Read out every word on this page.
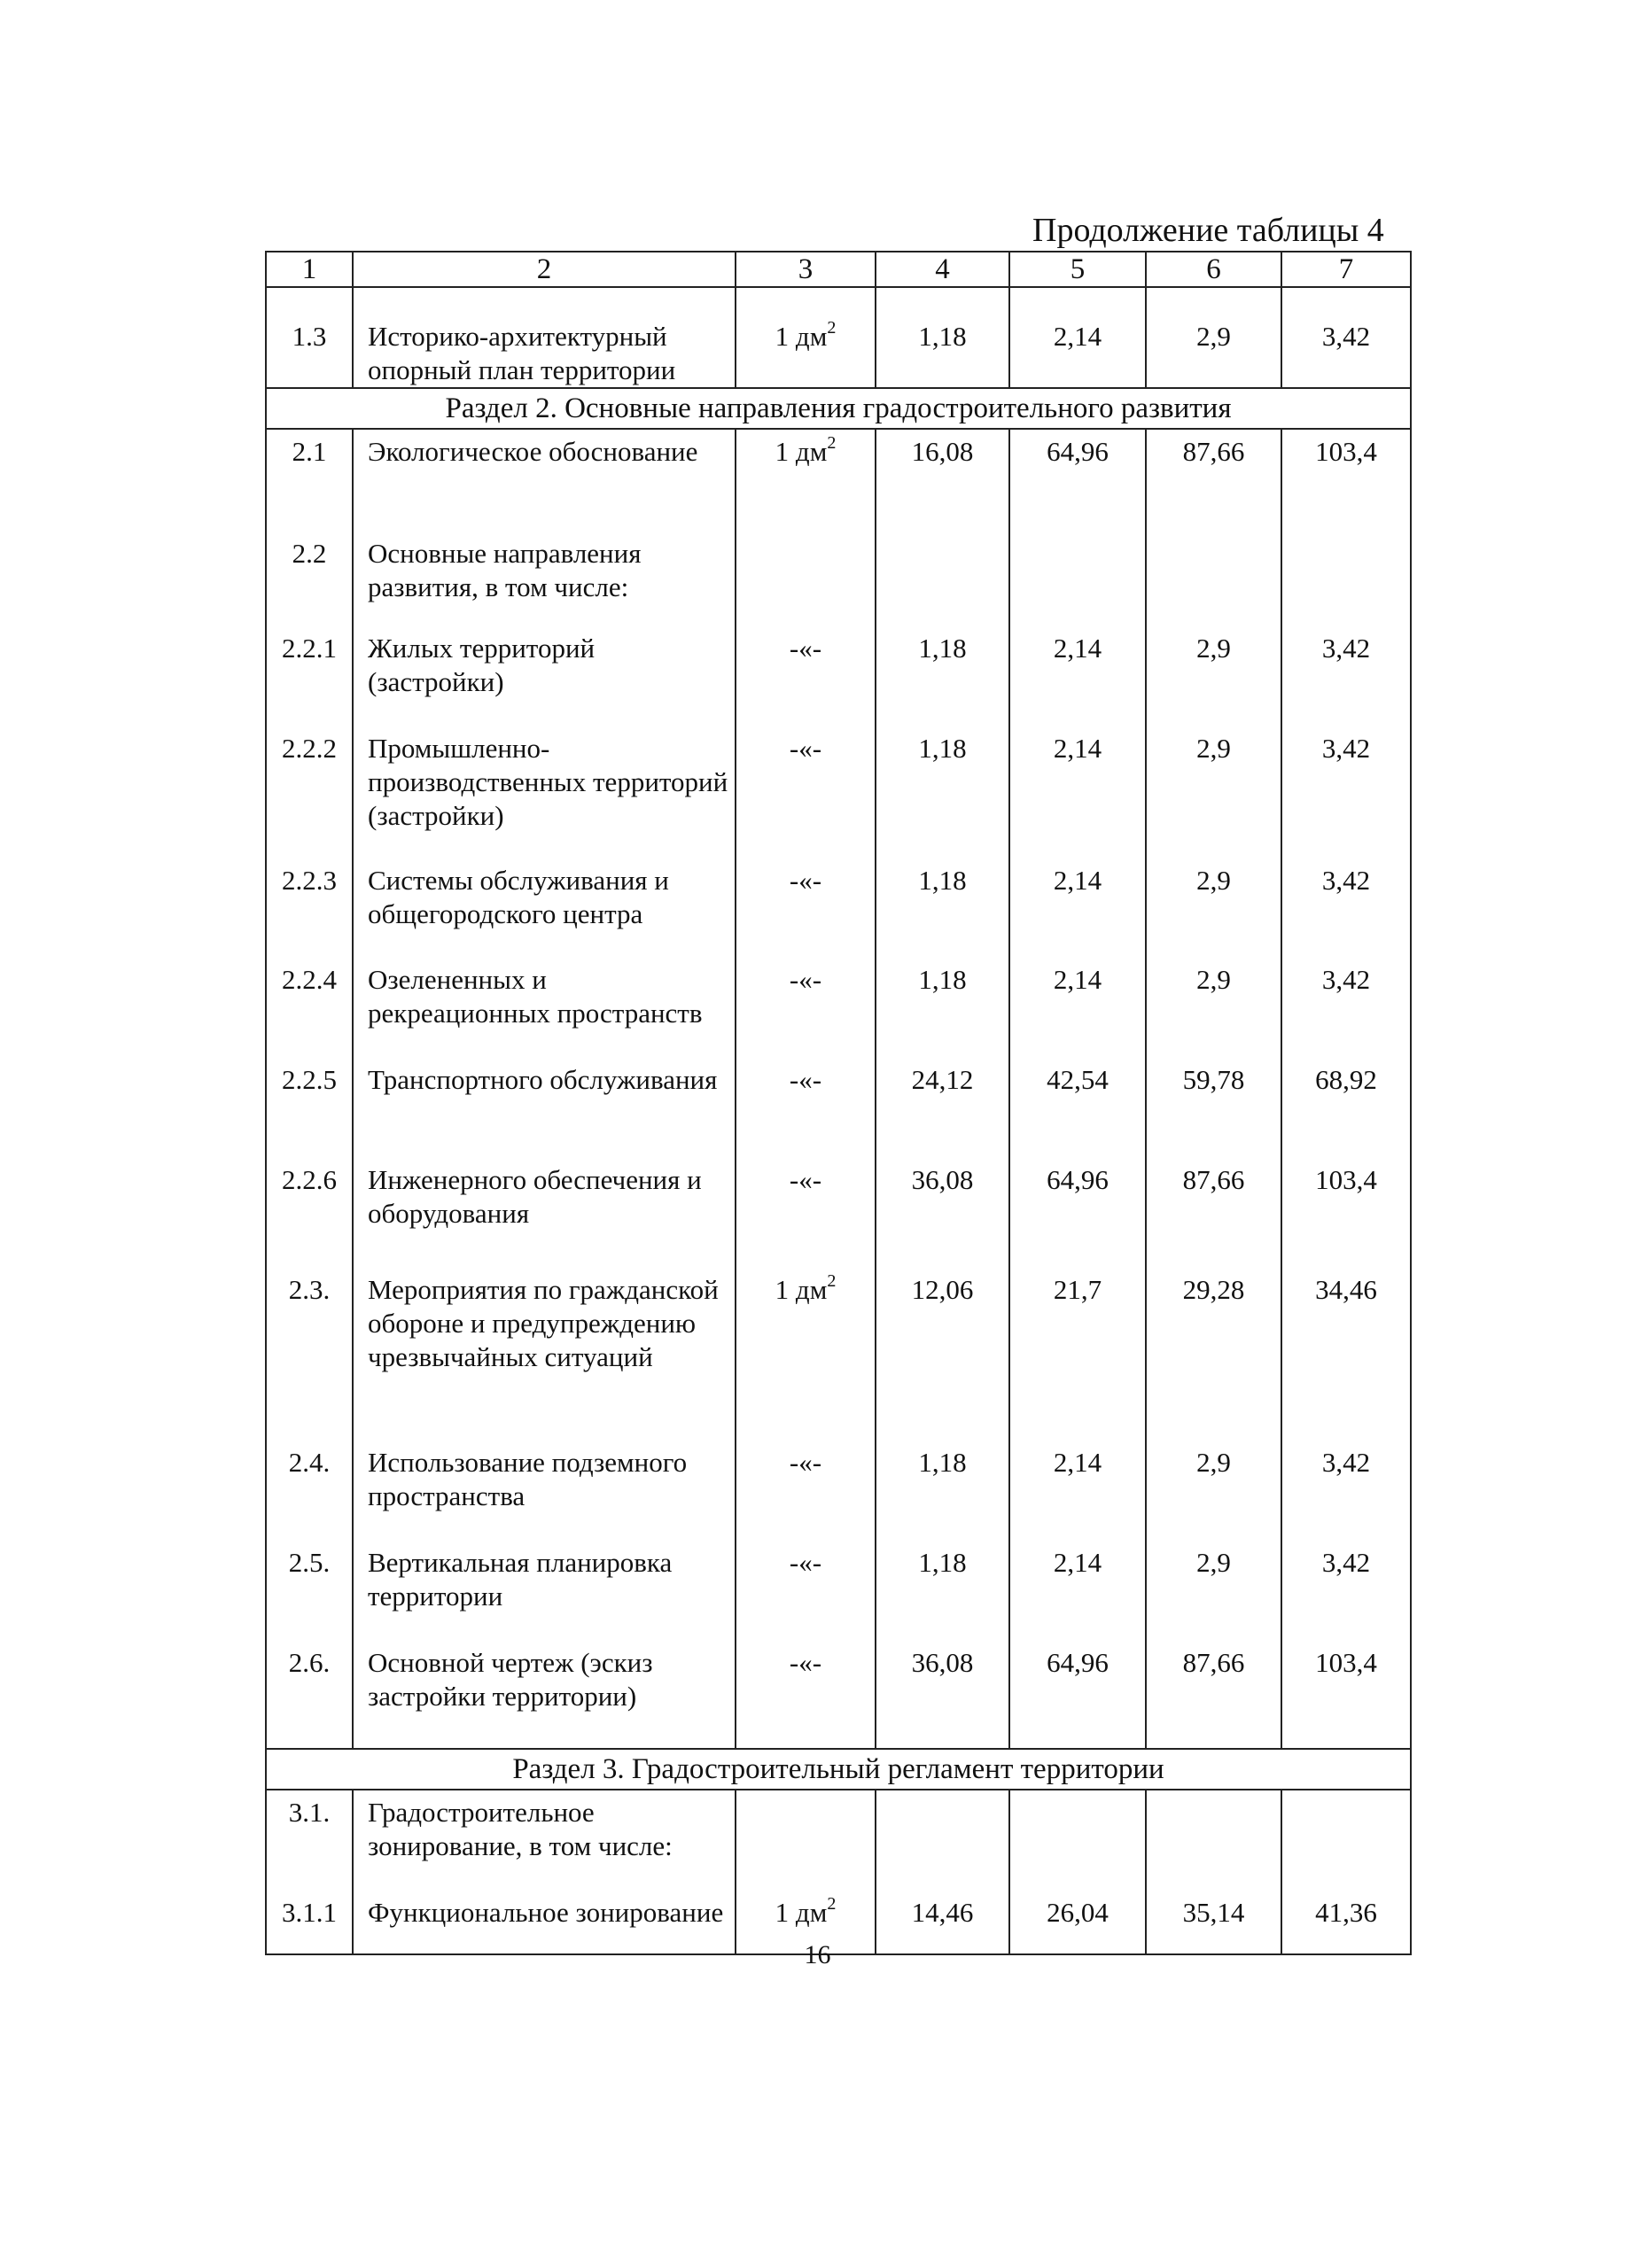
Продолжение таблицы 4
1	2	3	4	5	6	7
1.3	Историко-архитектурный опорный план территории	1 $дм^2$	1,18	2,14	2,9	3,42
Раздел 2. Основные направления градостроительного развития						
2.1	Экологическое обоснование	1 $дм^2$	16,08	64,96	87,66	103,4
2.2	Основные направления развития, в том числе:					
2.2.1	Жилых территорий (застройки)	-«-	1,18	2,14	2,9	3,42
2.2.2	Промышленно-производственных территорий (застройки)	-«-	1,18	2,14	2,9	3,42
2.2.3	Системы обслуживания и общегородского центра	-«-	1,18	2,14	2,9	3,42
2.2.4	Озелененных и рекреационных пространств	-«-	1,18	2,14	2,9	3,42
2.2.5	Транспортного обслуживания	-«-	24,12	42,54	59,78	68,92
2.2.6	Инженерного обеспечения и оборудования	-«-	36,08	64,96	87,66	103,4
2.3.	Мероприятия по гражданской обороне и предупреждению чрезвычайных ситуаций	1 $дм^2$	12,06	21,7	29,28	34,46
2.4.	Использование подземного пространства	-«-	1,18	2,14	2,9	3,42
2.5.	Вертикальная планировка территории	-«-	1,18	2,14	2,9	3,42
2.6.	Основной чертеж (эскиз застройки территории)	-«-	36,08	64,96	87,66	103,4
Раздел 3. Градостроительный регламент территории						
3.1.	Градостроительное зонирование, в том числе:					
3.1.1	Функциональное зонирование	1 $дм^2$	14,46	26,04	35,14	41,36
16
